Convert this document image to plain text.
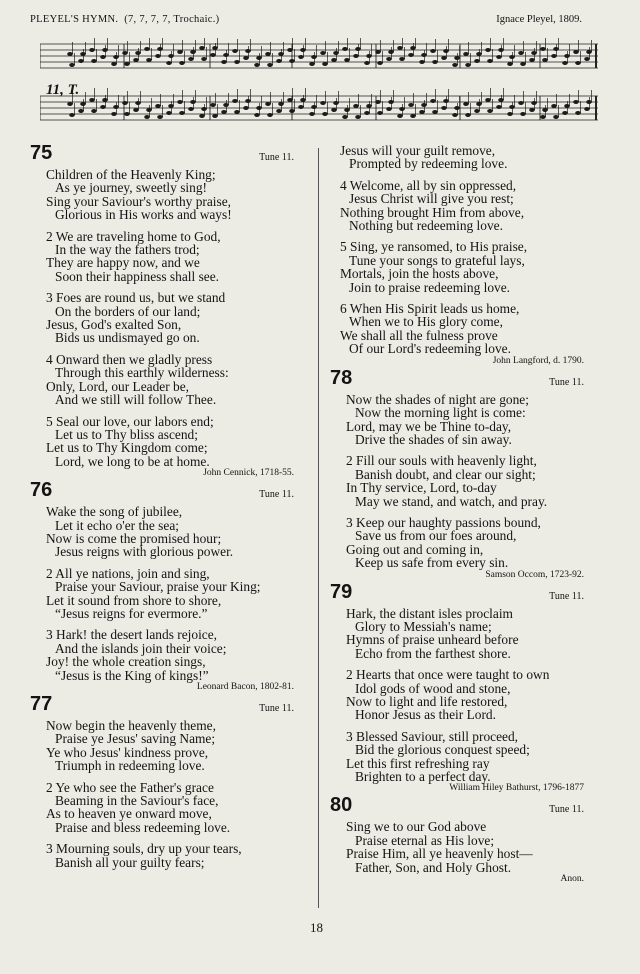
PLEYEL'S HYMN. (7, 7, 7, 7, Trochaic.)	Ignace Pleyel, 1809.
11, T.
75	Tune 11.
Children of the Heavenly King;
As ye journey, sweetly sing!
Sing your Saviour's worthy praise,
Glorious in His works and ways!
2 We are traveling home to God,
In the way the fathers trod;
They are happy now, and we
Soon their happiness shall see.
3 Foes are round us, but we stand
On the borders of our land;
Jesus, God's exalted Son,
Bids us undismayed go on.
4 Onward then we gladly press
Through this earthly wilderness:
Only, Lord, our Leader be,
And we still will follow Thee.
5 Seal our love, our labors end;
Let us to Thy bliss ascend;
Let us to Thy Kingdom come;
Lord, we long to be at home.
John Cennick, 1718-55.
76	Tune 11.
Wake the song of jubilee,
Let it echo o'er the sea;
Now is come the promised hour;
Jesus reigns with glorious power.
2 All ye nations, join and sing,
Praise your Saviour, praise your King;
Let it sound from shore to shore,
“Jesus reigns for evermore.”
3 Hark! the desert lands rejoice,
And the islands join their voice;
Joy! the whole creation sings,
“Jesus is the King of kings!”
Leonard Bacon, 1802-81.
77	Tune 11.
Now begin the heavenly theme,
Praise ye Jesus' saving Name;
Ye who Jesus' kindness prove,
Triumph in redeeming love.
2 Ye who see the Father's grace
Beaming in the Saviour's face,
As to heaven ye onward move,
Praise and bless redeeming love.
3 Mourning souls, dry up your tears,
Banish all your guilty fears;
Jesus will your guilt remove,
Prompted by redeeming love.
4 Welcome, all by sin oppressed,
Jesus Christ will give you rest;
Nothing brought Him from above,
Nothing but redeeming love.
5 Sing, ye ransomed, to His praise,
Tune your songs to grateful lays,
Mortals, join the hosts above,
Join to praise redeeming love.
6 When His Spirit leads us home,
When we to His glory come,
We shall all the fulness prove
Of our Lord's redeeming love.
John Langford, d. 1790.
78	Tune 11.
Now the shades of night are gone;
Now the morning light is come:
Lord, may we be Thine to-day,
Drive the shades of sin away.
2 Fill our souls with heavenly light,
Banish doubt, and clear our sight;
In Thy service, Lord, to-day
May we stand, and watch, and pray.
3 Keep our haughty passions bound,
Save us from our foes around,
Going out and coming in,
Keep us safe from every sin.
Samson Occom, 1723-92.
79	Tune 11.
Hark, the distant isles proclaim
Glory to Messiah's name;
Hymns of praise unheard before
Echo from the farthest shore.
2 Hearts that once were taught to own
Idol gods of wood and stone,
Now to light and life restored,
Honor Jesus as their Lord.
3 Blessed Saviour, still proceed,
Bid the glorious conquest speed;
Let this first refreshing ray
Brighten to a perfect day.
William Hiley Bathurst, 1796-1877
80	Tune 11.
Sing we to our God above
Praise eternal as His love;
Praise Him, all ye heavenly host—
Father, Son, and Holy Ghost.
Anon.
18
